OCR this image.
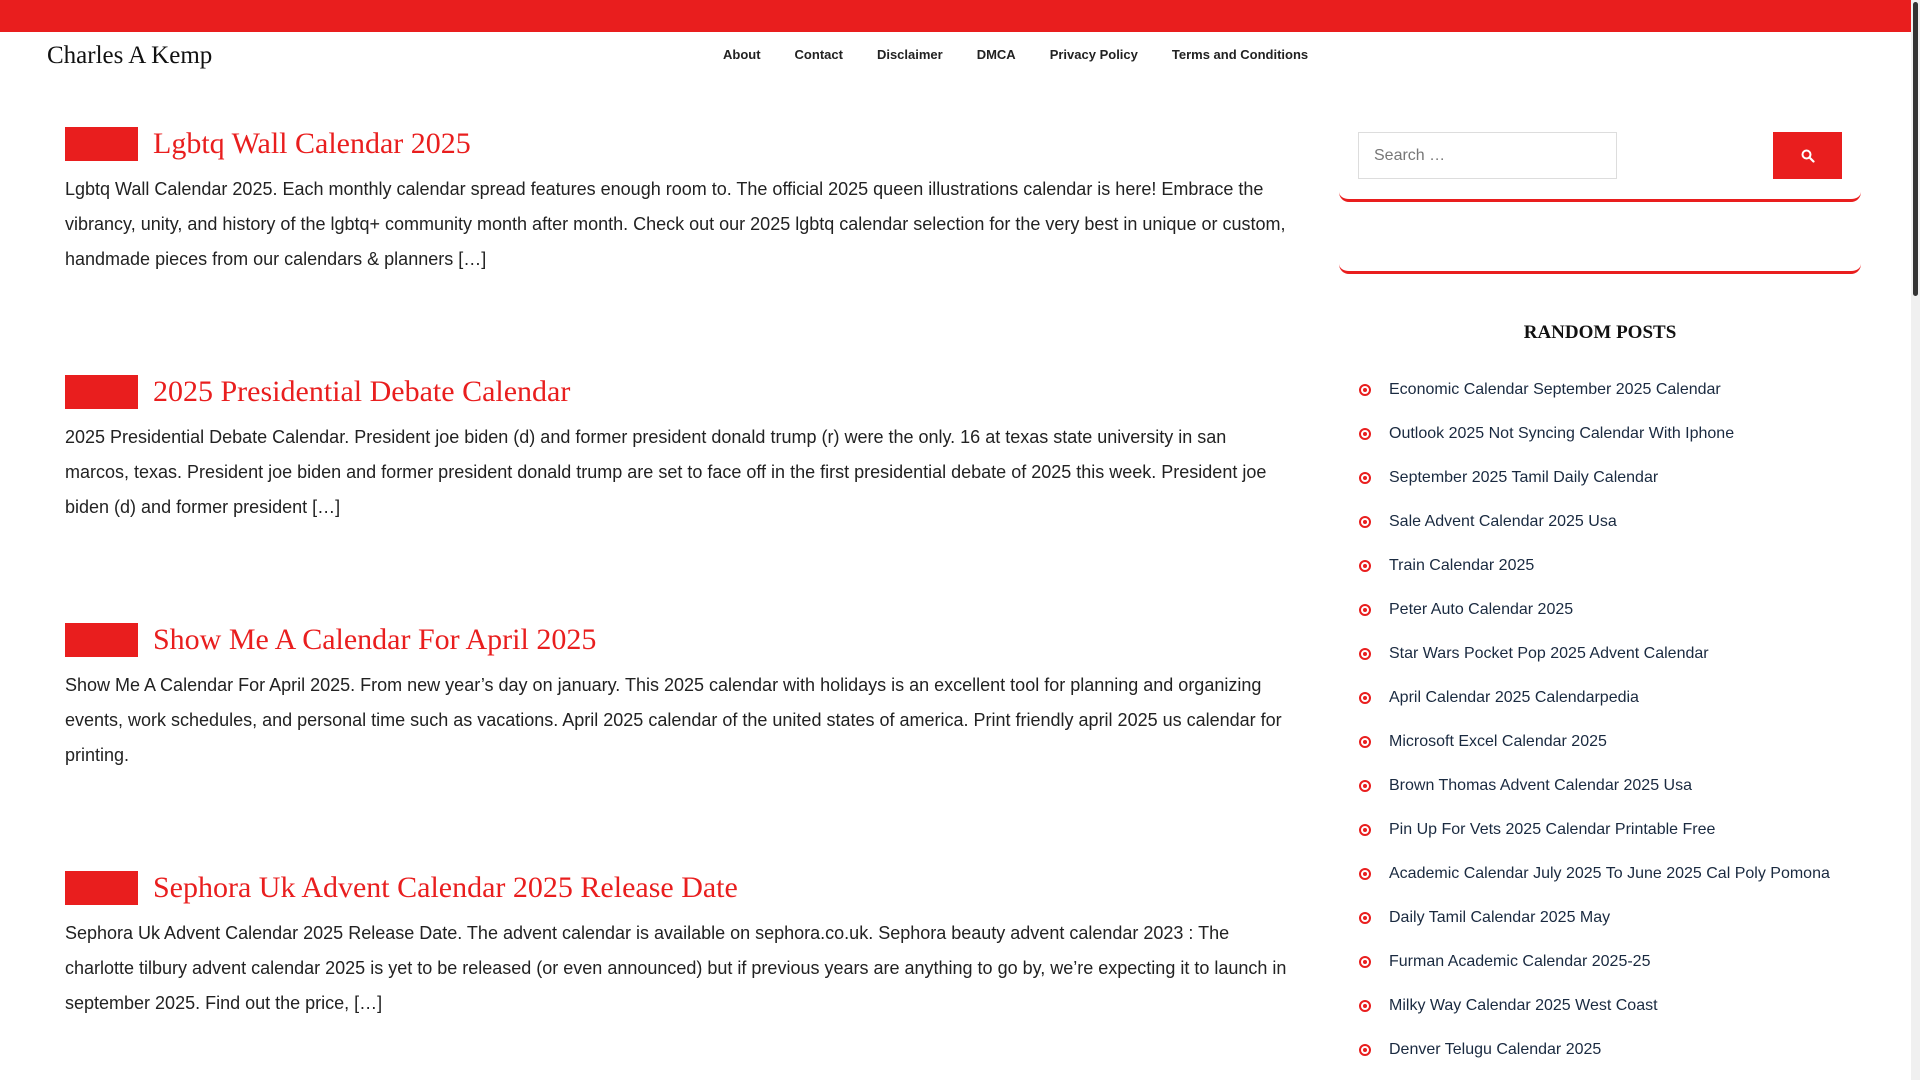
Charles A Kemp	About	Contact	Disclaimer	DMCA	Privacy Policy	Terms and Conditions
Lgbtq Wall Calendar 2025

Lgbtq Wall Calendar 2025. Each monthly calendar spread features enough room to. The official 2025 queen illustrations calendar is here! Embrace the vibrancy, unity, and history of the lgbtq+ community month after month. Check out our 2025 lgbtq calendar selection for the very best in unique or custom, handmade pieces from our calendars & planners […]

2025 Presidential Debate Calendar

2025 Presidential Debate Calendar. President joe biden (d) and former president donald trump (r) were the only. 16 at texas state university in san marcos, texas. President joe biden and former president donald trump are set to face off in the first presidential debate of 2025 this week. President joe biden (d) and former president […]

Show Me A Calendar For April 2025

Show Me A Calendar For April 2025. From new year’s day on january. This 2025 calendar with holidays is an excellent tool for planning and organizing events, work schedules, and personal time such as vacations. April 2025 calendar of the united states of america. Print friendly april 2025 us calendar for printing.

Sephora Uk Advent Calendar 2025 Release Date

Sephora Uk Advent Calendar 2025 Release Date. The advent calendar is available on sephora.co.uk. Sephora beauty advent calendar 2023 : The charlotte tilbury advent calendar 2025 is yet to be released (or even announced) but if previous years are anything to go by, we’re expecting it to launch in september 2025. Find out the price, […]

Search …
RANDOM POSTS
Economic Calendar September 2025 Calendar
Outlook 2025 Not Syncing Calendar With Iphone
September 2025 Tamil Daily Calendar
Sale Advent Calendar 2025 Usa
Train Calendar 2025
Peter Auto Calendar 2025
Star Wars Pocket Pop 2025 Advent Calendar
April Calendar 2025 Calendarpedia
Microsoft Excel Calendar 2025
Brown Thomas Advent Calendar 2025 Usa
Pin Up For Vets 2025 Calendar Printable Free
Academic Calendar July 2025 To June 2025 Cal Poly Pomona
Daily Tamil Calendar 2025 May
Furman Academic Calendar 2025-25
Milky Way Calendar 2025 West Coast
Denver Telugu Calendar 2025
